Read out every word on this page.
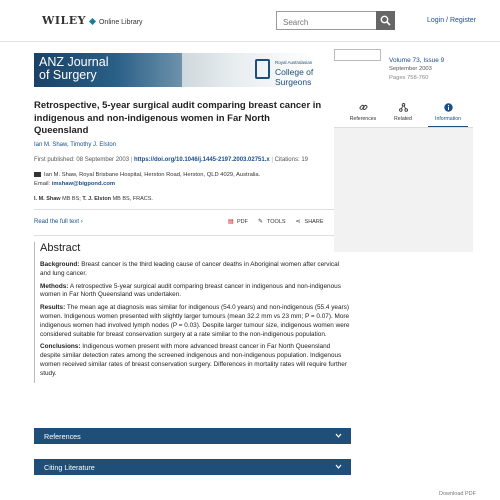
WILEY Online Library
Search	Login / Register
ANZ Journal
of Surgery
Royal Australasian
College of Surgeons
Retrospective, 5-year surgical audit comparing breast cancer in indigenous and non-indigenous women in Far North Queensland
Ian M. Shaw, Timothy J. Elston
First published: 08 September 2003 | https://doi.org/10.1046/j.1445-2197.2003.02751.x | Citations: 19
Ian M. Shaw, Royal Brisbane Hospital, Herston Road, Herston, QLD 4029, Australia.
Email: imshaw@bigpond.com
I. M. Shaw MB BS; T. J. Elston MB BS, FRACS.
Read the full text ›	▤ PDF ✎ TOOLS ⋖ SHARE
Abstract

Background: Breast cancer is the third leading cause of cancer deaths in Aboriginal women after cervical and lung cancer.

Methods: A retrospective 5-year surgical audit comparing breast cancer in indigenous and non-indigenous women in Far North Queensland was undertaken.

Results: The mean age at diagnosis was similar for indigenous (54.0 years) and non-indigenous (55.4 years) women. Indigenous women presented with slightly larger tumours (mean 32.2 mm vs 23 mm; P = 0.07). More indigenous women had involved lymph nodes (P = 0.03). Despite larger tumour size, indigenous women were considered suitable for breast conservation surgery at a rate similar to the non-indigenous population.

Conclusions: Indigenous women present with more advanced breast cancer in Far North Queensland despite similar detection rates among the screened indigenous and non-indigenous population. Indigenous women received similar rates of breast conservation surgery. Differences in mortality rates will require further study.

References
Citing Literature
Download PDF
Volume 73, Issue 9
September 2003
Pages 758-760
References	Related	Information
